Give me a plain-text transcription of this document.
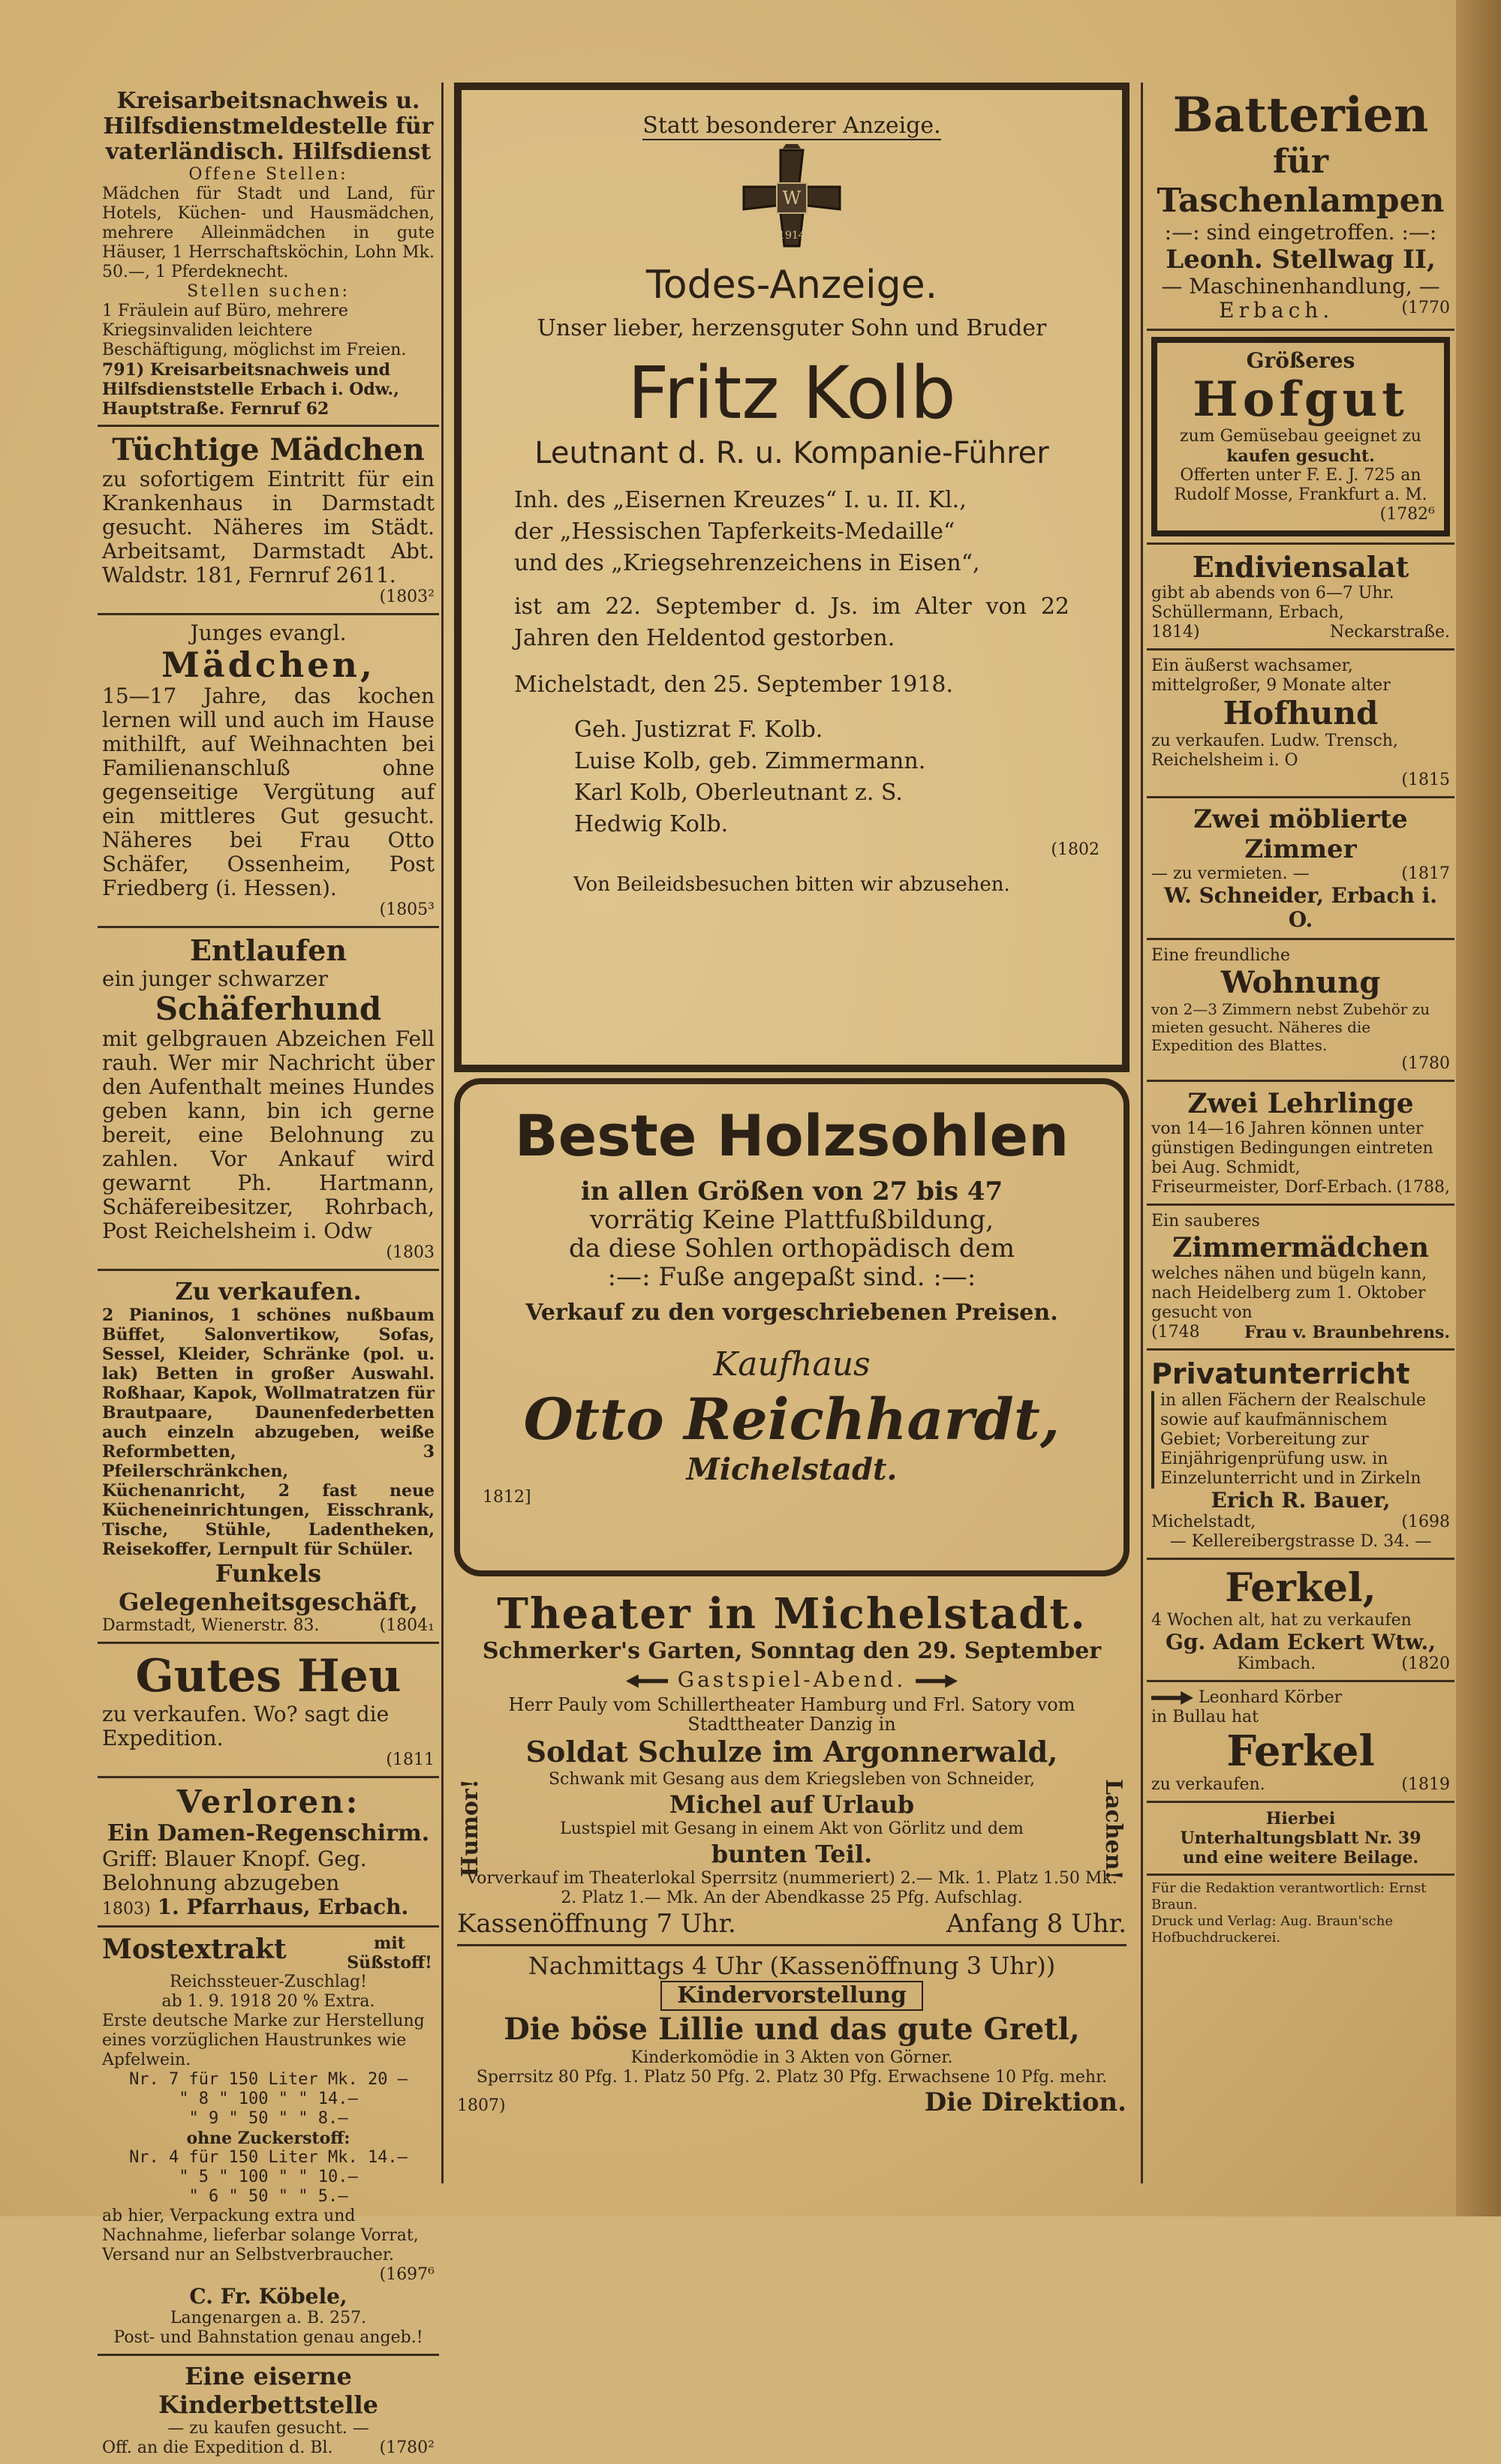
Kreisarbeitsnachweis u. Hilfsdienstmeldestelle für vaterländisch. Hilfsdienst

Offene Stellen:

Mädchen für Stadt und Land, für Hotels, Küchen- und Hausmädchen, mehrere Alleinmädchen in gute Häuser, 1 Herrschaftsköchin, Lohn Mk. 50.—, 1 Pferdeknecht.

Stellen suchen:

1 Fräulein auf Büro, mehrere Kriegsinvaliden leichtere Beschäftigung, möglichst im Freien.

791) Kreisarbeitsnachweis und Hilfsdienststelle Erbach i. Odw.,

Hauptstraße. Fernruf 62

Tüchtige Mädchen

zu sofortigem Eintritt für ein Krankenhaus in Darmstadt gesucht. Näheres im Städt. Arbeitsamt, Darmstadt Abt. Waldstr. 181, Fernruf 2611.

(1803²

Junges evangl.

Mädchen,

15—17 Jahre, das kochen lernen will und auch im Hause mithilft, auf Weihnachten bei Familienanschluß ohne gegenseitige Vergütung auf ein mittleres Gut gesucht. Näheres bei Frau Otto Schäfer, Ossenheim, Post Friedberg (i. Hessen).

(1805³

Entlaufen

ein junger schwarzer

Schäferhund

mit gelbgrauen Abzeichen Fell rauh. Wer mir Nachricht über den Aufenthalt meines Hundes geben kann, bin ich gerne bereit, eine Belohnung zu zahlen. Vor Ankauf wird gewarnt Ph. Hartmann, Schäfereibesitzer, Rohrbach, Post Reichelsheim i. Odw

(1803

Zu verkaufen.

2 Pianinos, 1 schönes nußbaum Büffet, Salonvertikow, Sofas, Sessel, Kleider, Schränke (pol. u. lak) Betten in großer Auswahl. Roßhaar, Kapok, Wollmatratzen für Brautpaare, Daunenfederbetten auch einzeln abzugeben, weiße Reformbetten, 3 Pfeilerschränkchen, Küchenanricht, 2 fast neue Kücheneinrichtungen, Eisschrank, Tische, Stühle, Ladentheken, Reisekoffer, Lernpult für Schüler.

Funkels Gelegenheitsgeschäft,

Darmstadt, Wienerstr. 83.	(1804₁

Gutes Heu

zu verkaufen. Wo? sagt die Expedition.

(1811

Verloren:

Ein Damen-Regenschirm.

Griff: Blauer Knopf. Geg. Belohnung abzugeben

1803) 1. Pfarrhaus, Erbach.

Mostextrakt	mit Süßstoff!

Reichssteuer-Zuschlag!

ab 1. 9. 1918 20 % Extra.

Erste deutsche Marke zur Herstellung eines vorzüglichen Haustrunkes wie Apfelwein.

Nr. 7 für 150 Liter Mk. 20 —

" 8 " 100 " " 14.—

" 9 " 50 " " 8.—

ohne Zuckerstoff:

Nr. 4 für 150 Liter Mk. 14.—

" 5 " 100 " " 10.—

" 6 " 50 " " 5.—

ab hier, Verpackung extra und Nachnahme, lieferbar solange Vorrat, Versand nur an Selbstverbraucher.

(1697⁶

C. Fr. Köbele,

Langenargen a. B. 257.

Post- und Bahnstation genau angeb.!

Eine eiserne Kinderbettstelle

— zu kaufen gesucht. —

Off. an die Expedition d. Bl.	(1780²

Statt besonderer Anzeige.

W
1914

Todes-Anzeige.

Unser lieber, herzensguter Sohn und Bruder

Fritz Kolb

Leutnant d. R. u. Kompanie-Führer

Inh. des „Eisernen Kreuzes“ I. u. II. Kl.,

der „Hessischen Tapferkeits-Medaille“

und des „Kriegsehrenzeichens in Eisen“,

ist am 22. September d. Js. im Alter von 22 Jahren den Heldentod gestorben.

Michelstadt, den 25. September 1918.

Geh. Justizrat F. Kolb.

Luise Kolb, geb. Zimmermann.

Karl Kolb, Oberleutnant z. S.

Hedwig Kolb.

(1802

Von Beileidsbesuchen bitten wir abzusehen.

Beste Holzsohlen

in allen Größen von 27 bis 47

vorrätig Keine Plattfußbildung,

da diese Sohlen orthopädisch dem

:—: Fuße angepaßt sind. :—:

Verkauf zu den vorgeschriebenen Preisen.

Kaufhaus

Otto Reichhardt,

Michelstadt.

1812]

Theater in Michelstadt.

Schmerker's Garten, Sonntag den 29. September

Gastspiel-Abend.

Herr Pauly vom Schillertheater Hamburg und Frl. Satory vom Stadttheater Danzig in

Humor!	Lachen!

Soldat Schulze im Argonnerwald,

Schwank mit Gesang aus dem Kriegsleben von Schneider,

Michel auf Urlaub

Lustspiel mit Gesang in einem Akt von Görlitz und dem

bunten Teil.

Vorverkauf im Theaterlokal Sperrsitz (nummeriert) 2.— Mk. 1. Platz 1.50 Mk. 2. Platz 1.— Mk. An der Abendkasse 25 Pfg. Aufschlag.

Kassenöffnung 7 Uhr.	Anfang 8 Uhr.

Nachmittags 4 Uhr (Kassenöffnung 3 Uhr))

Kindervorstellung

Die böse Lillie und das gute Gretl,

Kinderkomödie in 3 Akten von Görner.

Sperrsitz 80 Pfg. 1. Platz 50 Pfg. 2. Platz 30 Pfg. Erwachsene 10 Pfg. mehr.

1807)	Die Direktion.

Batterien

für Taschenlampen

:—: sind eingetroffen. :—:

Leonh. Stellwag II,

— Maschinenhandlung, —

Erbach.	(1770

Größeres

Hofgut

zum Gemüsebau geeignet zu

kaufen gesucht.

Offerten unter F. E. J. 725 an Rudolf Mosse, Frankfurt a. M.

(1782⁶

Endiviensalat

gibt ab abends von 6—7 Uhr. Schüllermann, Erbach,

1814)	Neckarstraße.

Ein äußerst wachsamer, mittelgroßer, 9 Monate alter

Hofhund

zu verkaufen. Ludw. Trensch, Reichelsheim i. O

(1815

Zwei möblierte Zimmer

— zu vermieten. —	(1817

W. Schneider, Erbach i. O.

Eine freundliche

Wohnung

von 2—3 Zimmern nebst Zubehör zu mieten gesucht. Näheres die Expedition des Blattes.

(1780

Zwei Lehrlinge

von 14—16 Jahren können unter günstigen Bedingungen eintreten bei Aug. Schmidt,

Friseurmeister, Dorf-Erbach. (1788,

Ein sauberes

Zimmermädchen

welches nähen und bügeln kann, nach Heidelberg zum 1. Oktober gesucht von

(1748	Frau v. Braunbehrens.

Privatunterricht

in allen Fächern der Realschule sowie auf kaufmännischem Gebiet; Vorbereitung zur Einjährigenprüfung usw. in Einzelunterricht und in Zirkeln

Erich R. Bauer,

Michelstadt,	(1698

— Kellereibergstrasse D. 34. —

Ferkel,

4 Wochen alt, hat zu verkaufen

Gg. Adam Eckert Wtw.,

Kimbach.	(1820

Leonhard Körber

in Bullau hat

Ferkel

zu verkaufen.	(1819

Hierbei

Unterhaltungsblatt Nr. 39

und eine weitere Beilage.

Für die Redaktion verantwortlich: Ernst Braun.

Druck und Verlag: Aug. Braun'sche Hofbuchdruckerei.
